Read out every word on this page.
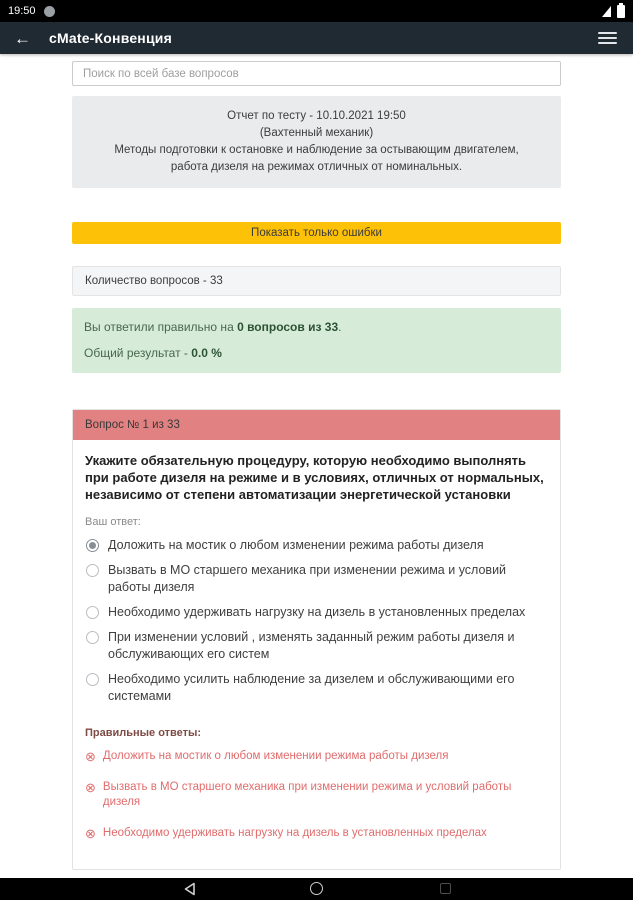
19:50
← cMate-Конвенция
Поиск по всей базе вопросов
Отчет по тесту - 10.10.2021 19:50
(Вахтенный механик)
Методы подготовки к остановке и наблюдение за остывающим двигателем, работа дизеля на режимах отличных от номинальных.
Показать только ошибки
Количество вопросов - 33
Вы ответили правильно на 0 вопросов из 33.
Общий результат - 0.0 %
Вопрос № 1 из 33
Укажите обязательную процедуру, которую необходимо выполнять при работе дизеля на режиме и в условиях, отличных от нормальных, независимо от степени автоматизации энергетической установки
Ваш ответ:
Доложить на мостик о любом изменении режима работы дизеля
Вызвать в МО старшего механика при изменении режима и условий работы дизеля
Необходимо удерживать нагрузку на дизель в установленных пределах
При изменении условий , изменять заданный режим работы дизеля и обслуживающих его систем
Необходимо усилить наблюдение за дизелем и обслуживающими его системами
Правильные ответы:
⊗ Доложить на мостик о любом изменении режима работы дизеля
⊗ Вызвать в МО старшего механика при изменении режима и условий работы дизеля
⊗ Необходимо удерживать нагрузку на дизель в установленных пределах
